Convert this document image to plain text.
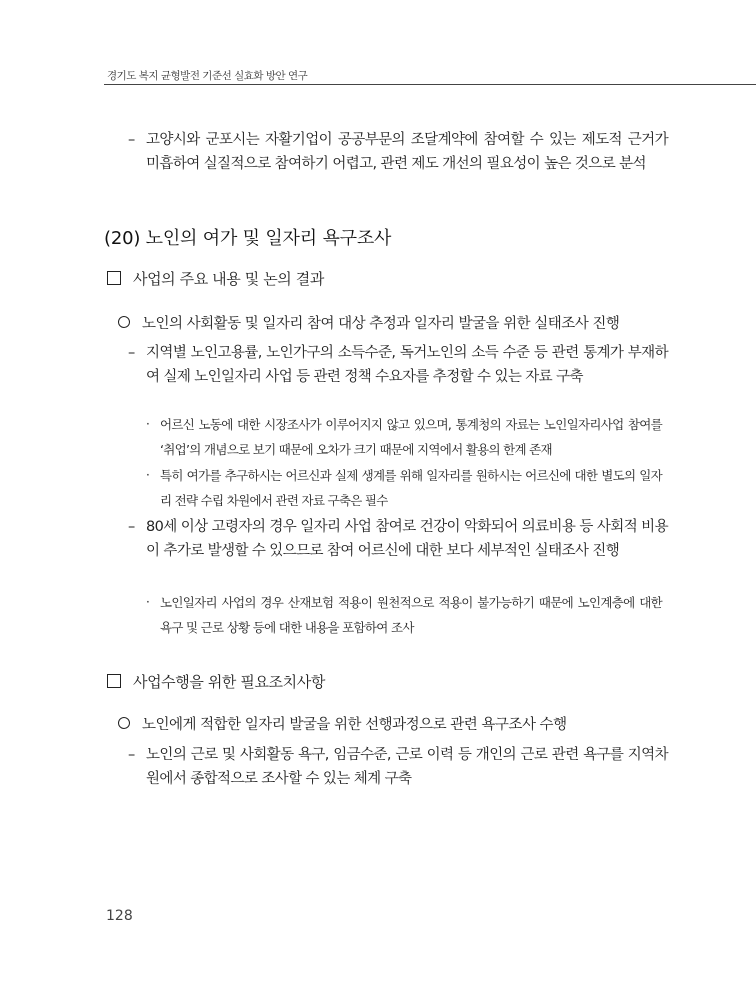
경기도 복지 균형발전 기준선 실효화 방안 연구
– 고양시와 군포시는 자활기업이 공공부문의 조달계약에 참여할 수 있는 제도적 근거가 미흡하여 실질적으로 참여하기 어렵고, 관련 제도 개선의 필요성이 높은 것으로 분석
(20) 노인의 여가 및 일자리 욕구조사
사업의 주요 내용 및 논의 결과
노인의 사회활동 및 일자리 참여 대상 추정과 일자리 발굴을 위한 실태조사 진행
– 지역별 노인고용률, 노인가구의 소득수준, 독거노인의 소득 수준 등 관련 통계가 부재하여 실제 노인일자리 사업 등 관련 정책 수요자를 추정할 수 있는 자료 구축
· 어르신 노동에 대한 시장조사가 이루어지지 않고 있으며, 통계청의 자료는 노인일자리사업 참여를 ‘취업’의 개념으로 보기 때문에 오차가 크기 때문에 지역에서 활용의 한계 존재
· 특히 여가를 추구하시는 어르신과 실제 생계를 위해 일자리를 원하시는 어르신에 대한 별도의 일자리 전략 수립 차원에서 관련 자료 구축은 필수
– 80세 이상 고령자의 경우 일자리 사업 참여로 건강이 악화되어 의료비용 등 사회적 비용이 추가로 발생할 수 있으므로 참여 어르신에 대한 보다 세부적인 실태조사 진행
· 노인일자리 사업의 경우 산재보험 적용이 원천적으로 적용이 불가능하기 때문에 노인계층에 대한 욕구 및 근로 상황 등에 대한 내용을 포함하여 조사
사업수행을 위한 필요조치사항
노인에게 적합한 일자리 발굴을 위한 선행과정으로 관련 욕구조사 수행
– 노인의 근로 및 사회활동 욕구, 임금수준, 근로 이력 등 개인의 근로 관련 욕구를 지역차원에서 종합적으로 조사할 수 있는 체계 구축
128
